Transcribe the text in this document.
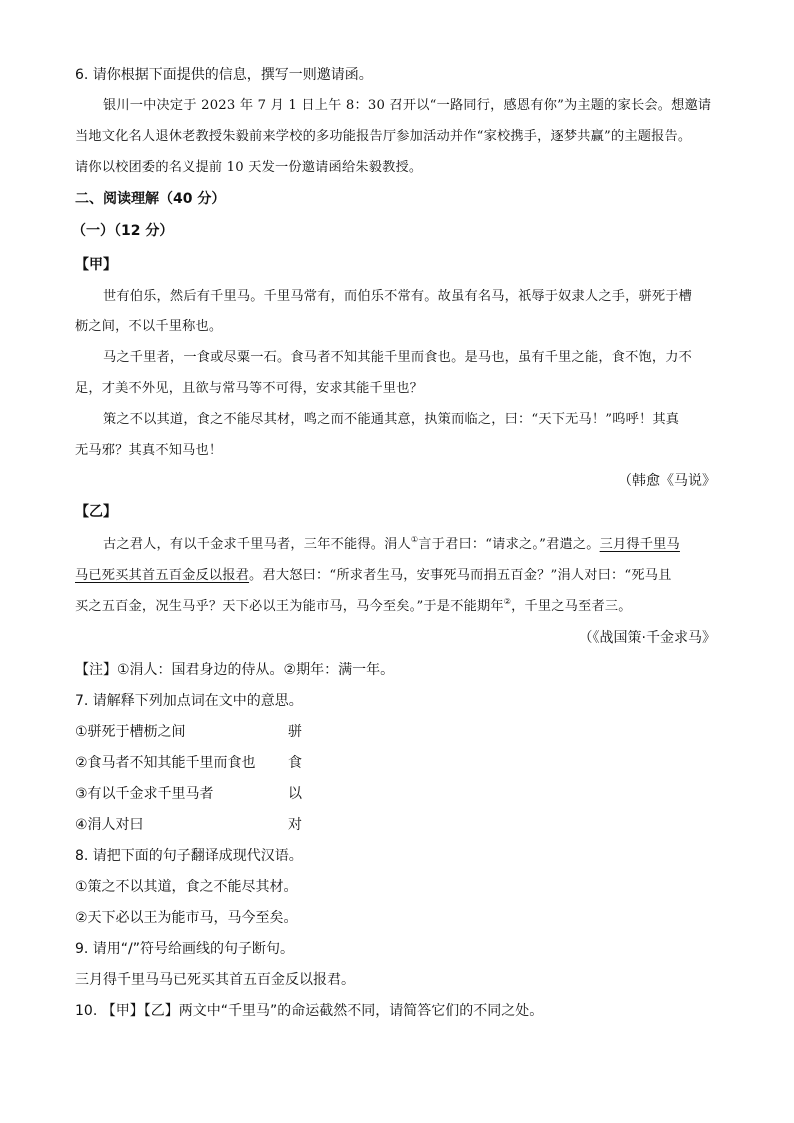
6. 请你根据下面提供的信息，撰写一则邀请函。
银川一中决定于 2023 年 7 月 1 日上午 8：30 召开以“一路同行，感恩有你”为主题的家长会。想邀请
当地文化名人退休老教授朱毅前来学校的多功能报告厅参加活动并作“家校携手，逐梦共赢”的主题报告。
请你以校团委的名义提前 10 天发一份邀请函给朱毅教授。
二、阅读理解（40 分）
（一）（12 分）
【甲】
世有伯乐，然后有千里马。千里马常有，而伯乐不常有。故虽有名马，祇辱于奴隶人之手，骈死于槽
枥之间，不以千里称也。
马之千里者，一食或尽粟一石。食马者不知其能千里而食也。是马也，虽有千里之能，食不饱，力不
足，才美不外见，且欲与常马等不可得，安求其能千里也？
策之不以其道，食之不能尽其材，鸣之而不能通其意，执策而临之，曰：“天下无马！”呜呼！其真
无马邪？其真不知马也！
（韩愈《马说》
【乙】
古之君人，有以千金求千里马者，三年不能得。涓人①言于君曰：“请求之。”君遣之。三月得千里马
马已死买其首五百金反以报君。君大怒曰：“所求者生马，安事死马而捐五百金？”涓人对曰：“死马且
买之五百金，况生马乎？天下必以王为能市马，马今至矣。”于是不能期年②，千里之马至者三。
（《战国策·千金求马》
【注】①涓人：国君身边的侍从。②期年：满一年。
7. 请解释下列加点词在文中的意思。
①骈死于槽枥之间	骈
②食马者不知其能千里而食也	食
③有以千金求千里马者	以
④涓人对曰	对
8. 请把下面的句子翻译成现代汉语。
①策之不以其道，食之不能尽其材。
②天下必以王为能市马，马今至矣。
9. 请用“/”符号给画线的句子断句。
三月得千里马马已死买其首五百金反以报君。
10. 【甲】【乙】两文中“千里马”的命运截然不同，请简答它们的不同之处。
